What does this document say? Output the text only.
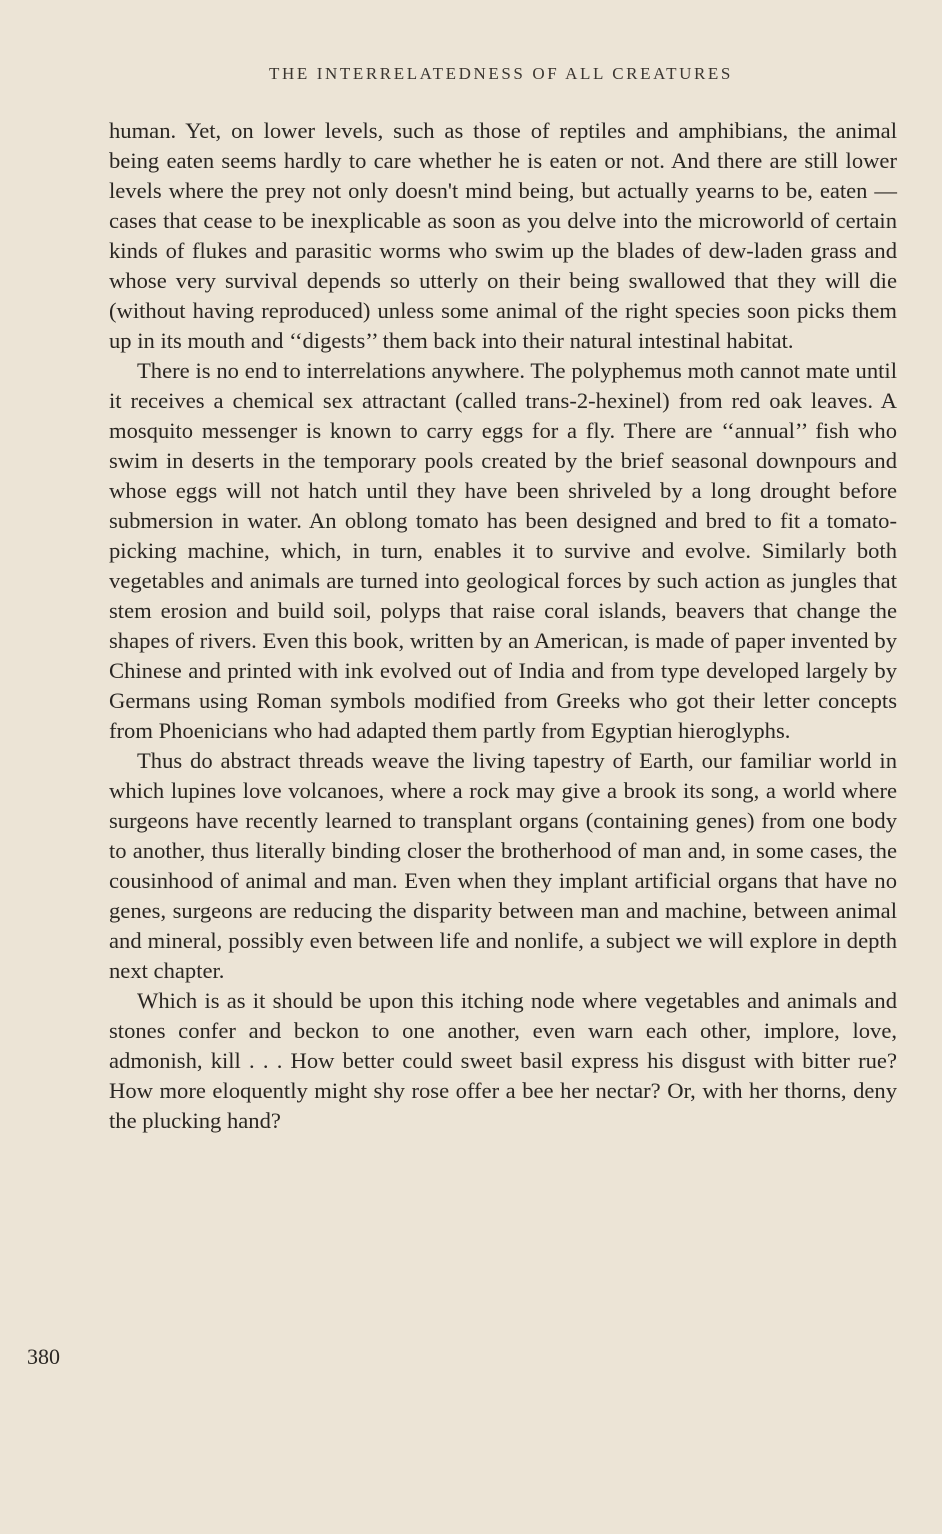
THE INTERRELATEDNESS OF ALL CREATURES

human. Yet, on lower levels, such as those of reptiles and amphibians, the animal being eaten seems hardly to care whether he is eaten or not. And there are still lower levels where the prey not only doesn't mind being, but actually yearns to be, eaten — cases that cease to be inexplicable as soon as you delve into the microworld of certain kinds of flukes and parasitic worms who swim up the blades of dew-laden grass and whose very survival depends so utterly on their being swallowed that they will die (without having reproduced) unless some animal of the right species soon picks them up in its mouth and ‘‘digests’’ them back into their natural intestinal habitat.

There is no end to interrelations anywhere. The polyphemus moth cannot mate until it receives a chemical sex attractant (called trans-2-hexinel) from red oak leaves. A mosquito messenger is known to carry eggs for a fly. There are ‘‘annual’’ fish who swim in deserts in the temporary pools created by the brief seasonal downpours and whose eggs will not hatch until they have been shriveled by a long drought before submersion in water. An oblong tomato has been designed and bred to fit a tomato-picking machine, which, in turn, enables it to survive and evolve. Similarly both vegetables and animals are turned into geological forces by such action as jungles that stem erosion and build soil, polyps that raise coral islands, beavers that change the shapes of rivers. Even this book, written by an American, is made of paper invented by Chinese and printed with ink evolved out of India and from type developed largely by Germans using Roman symbols modified from Greeks who got their letter concepts from Phoenicians who had adapted them partly from Egyptian hieroglyphs.

Thus do abstract threads weave the living tapestry of Earth, our familiar world in which lupines love volcanoes, where a rock may give a brook its song, a world where surgeons have recently learned to transplant organs (containing genes) from one body to another, thus literally binding closer the brotherhood of man and, in some cases, the cousinhood of animal and man. Even when they implant artificial organs that have no genes, surgeons are reducing the disparity between man and machine, between animal and mineral, possibly even between life and nonlife, a subject we will explore in depth next chapter.

Which is as it should be upon this itching node where vegetables and animals and stones confer and beckon to one another, even warn each other, implore, love, admonish, kill . . . How better could sweet basil express his disgust with bitter rue? How more eloquently might shy rose offer a bee her nectar? Or, with her thorns, deny the plucking hand?

380
